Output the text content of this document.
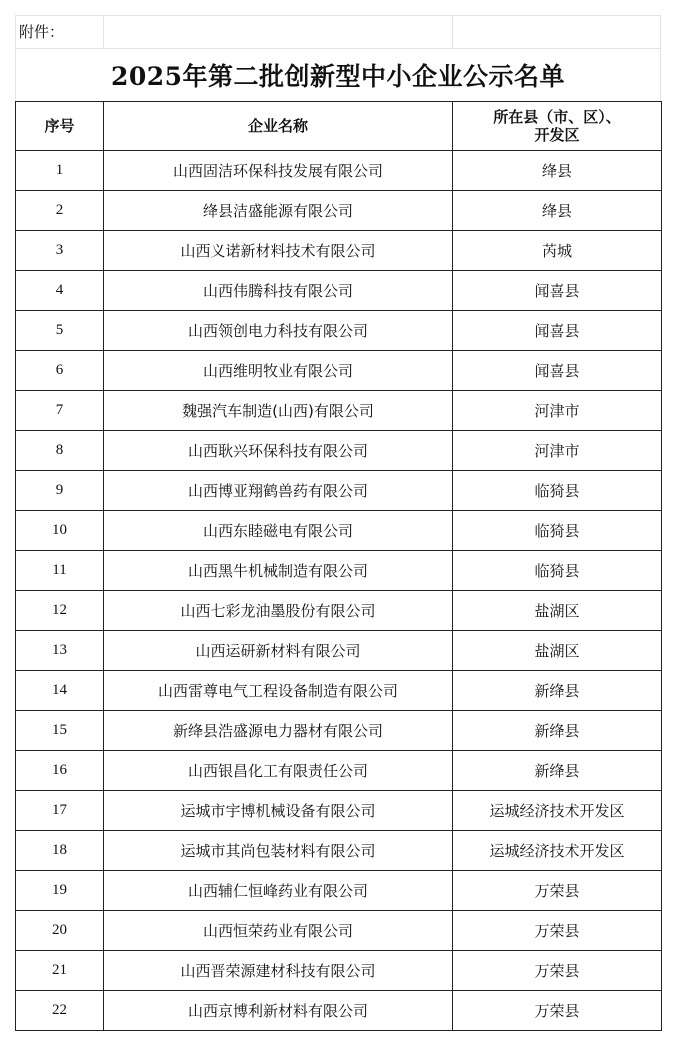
附件：
2025年第二批创新型中小企业公示名单
序号	企业名称	所在县（市、区）、
开发区

1	山西固洁环保科技发展有限公司	绛县
2	绛县洁盛能源有限公司	绛县
3	山西义诺新材料技术有限公司	芮城
4	山西伟腾科技有限公司	闻喜县
5	山西领创电力科技有限公司	闻喜县
6	山西维明牧业有限公司	闻喜县
7	魏强汽车制造(山西)有限公司	河津市
8	山西耿兴环保科技有限公司	河津市
9	山西博亚翔鹤兽药有限公司	临猗县
10	山西东睦磁电有限公司	临猗县
11	山西黑牛机械制造有限公司	临猗县
12	山西七彩龙油墨股份有限公司	盐湖区
13	山西运研新材料有限公司	盐湖区
14	山西雷尊电气工程设备制造有限公司	新绛县
15	新绛县浩盛源电力器材有限公司	新绛县
16	山西银昌化工有限责任公司	新绛县
17	运城市宇博机械设备有限公司	运城经济技术开发区
18	运城市其尚包装材料有限公司	运城经济技术开发区
19	山西辅仁恒峰药业有限公司	万荣县
20	山西恒荣药业有限公司	万荣县
21	山西晋荣源建材科技有限公司	万荣县
22	山西京博利新材料有限公司	万荣县
